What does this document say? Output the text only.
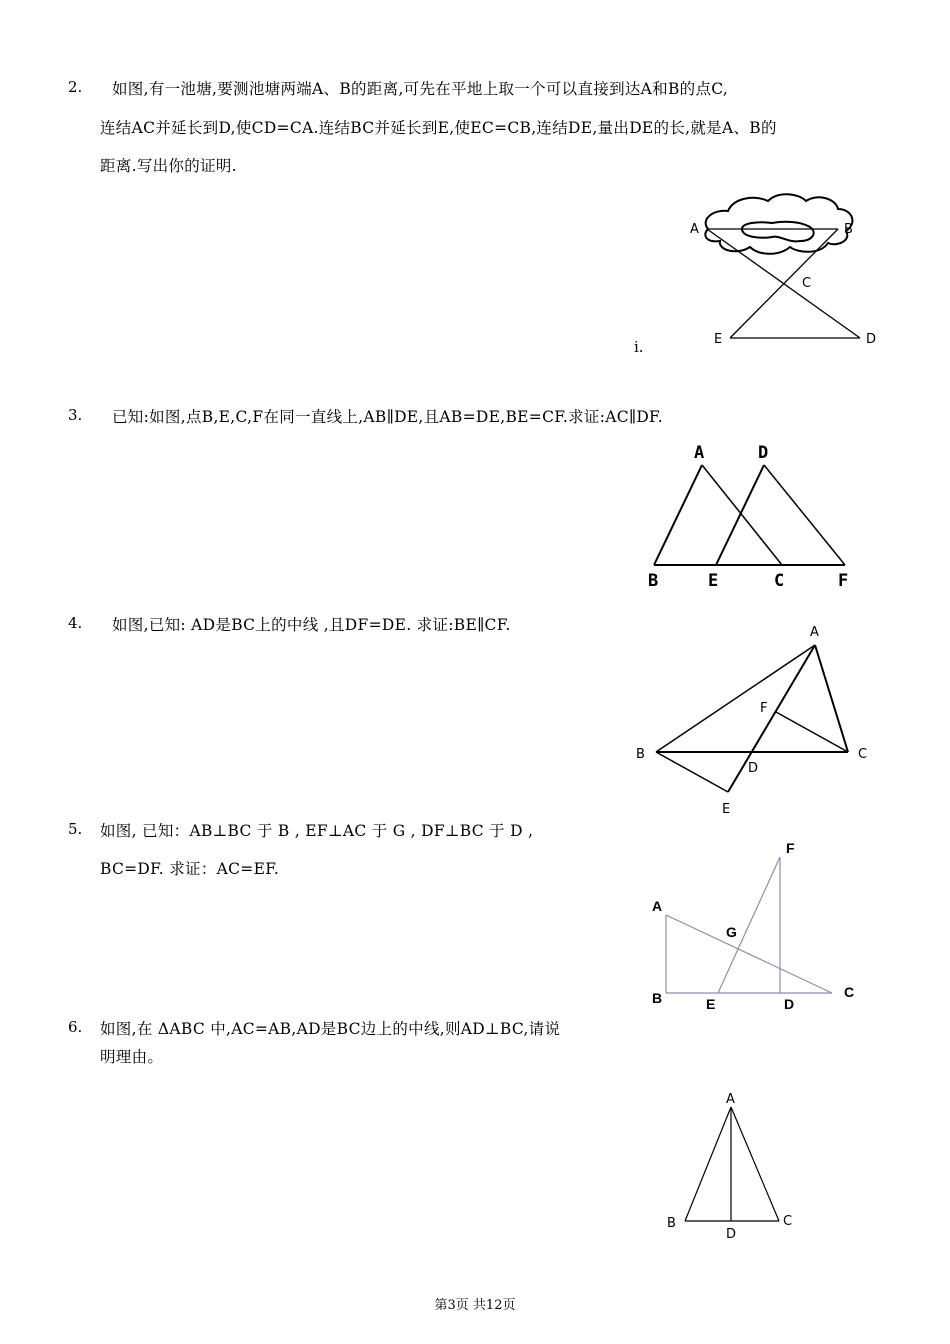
2. 如图,有一池塘,要测池塘两端A、B的距离,可先在平地上取一个可以直接到达A和B的点C,
连结AC并延长到D,使CD=CA.连结BC并延长到E,使EC=CB,连结DE,量出DE的长,就是A、B的
距离.写出你的证明.
i.
A	B
C
E	D
3. 已知:如图,点B,E,C,F在同一直线上,AB∥DE,且AB=DE,BE=CF.求证:AC∥DF.
A	D
B	E	C	F
4. 如图,已知: AD是BC上的中线 ,且DF=DE. 求证:BE∥CF.	A
F
B	C
D
E
5. 如图, 已知：AB⊥BC 于 B , EF⊥AC 于 G , DF⊥BC 于 D ,
BC=DF. 求证：AC=EF.
F
A
G
B	E	D
C
6. 如图,在 ΔABC 中,AC=AB,AD是BC边上的中线,则AD⊥BC,请说
明理由。
A
B	C
D
第3页 共12页
